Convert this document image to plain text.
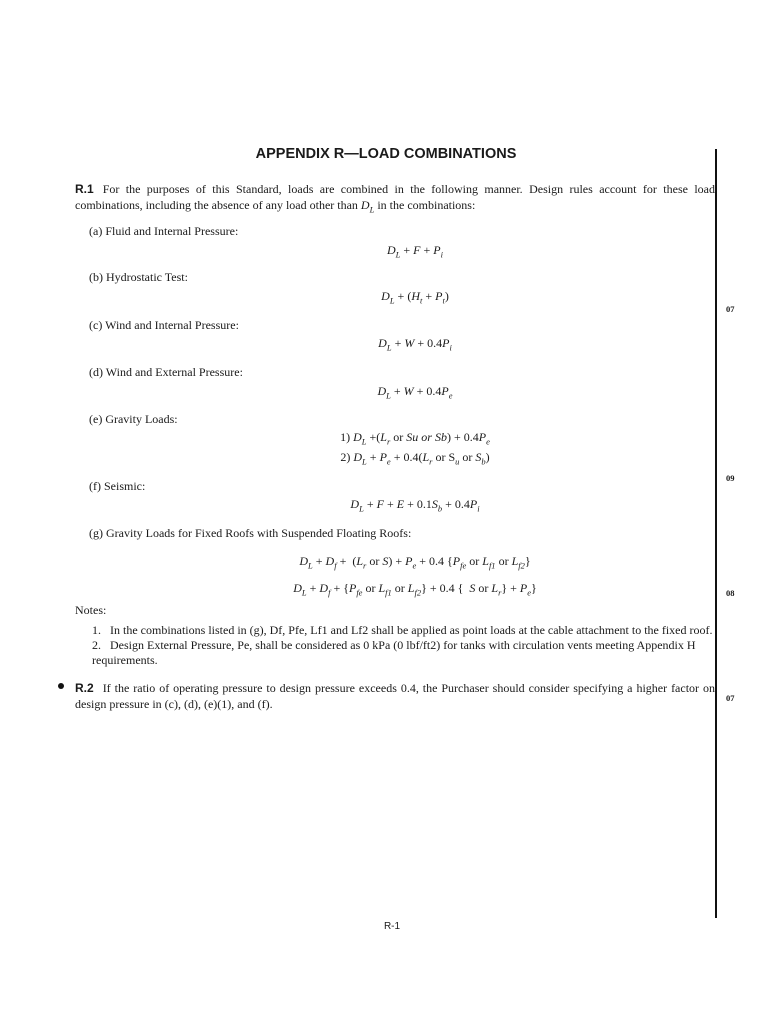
APPENDIX R—LOAD COMBINATIONS
R.1 For the purposes of this Standard, loads are combined in the following manner. Design rules account for these load combinations, including the absence of any load other than $D_L$ in the combinations:
(a) Fluid and Internal Pressure:
$D_L + F + P_i$
(b) Hydrostatic Test:
$D_L + (H_t + P_t)$
(c) Wind and Internal Pressure:
$D_L + W + 0.4P_i$
(d) Wind and External Pressure:
$D_L + W + 0.4P_e$
(e) Gravity Loads:
1) $D_L +(L_r$ or Su or $Sb) + 0.4P_e$
2) $D_L + P_e + 0.4(L_r$ or $S_u$ or $S_b$)
(f) Seismic:
$D_L + F + E + 0.1S_b + 0.4P_i$
(g) Gravity Loads for Fixed Roofs with Suspended Floating Roofs:
$D_L + D_f + (L_r$ or $S) + P_e + 0.4$ {$P_{fe}$ or $L_{f1}$ or $L_{f2}$}
$D_L + D_f + \{P_{fe}$ or $L_{f1}$ or $L_{f2}\} + 0.4$ {  S or $L_r\} + P_e$}
Notes:
1. In the combinations listed in (g), Df, Pfe, Lf1 and Lf2 shall be applied as point loads at the cable attachment to the fixed roof.
2. Design External Pressure, Pe, shall be considered as 0 kPa (0 lbf/ft2) for tanks with circulation vents meeting Appendix H requirements.
R.2 If the ratio of operating pressure to design pressure exceeds 0.4, the Purchaser should consider specifying a higher factor on design pressure in (c), (d), (e)(1), and (f).
07
09
08
07
R-1
